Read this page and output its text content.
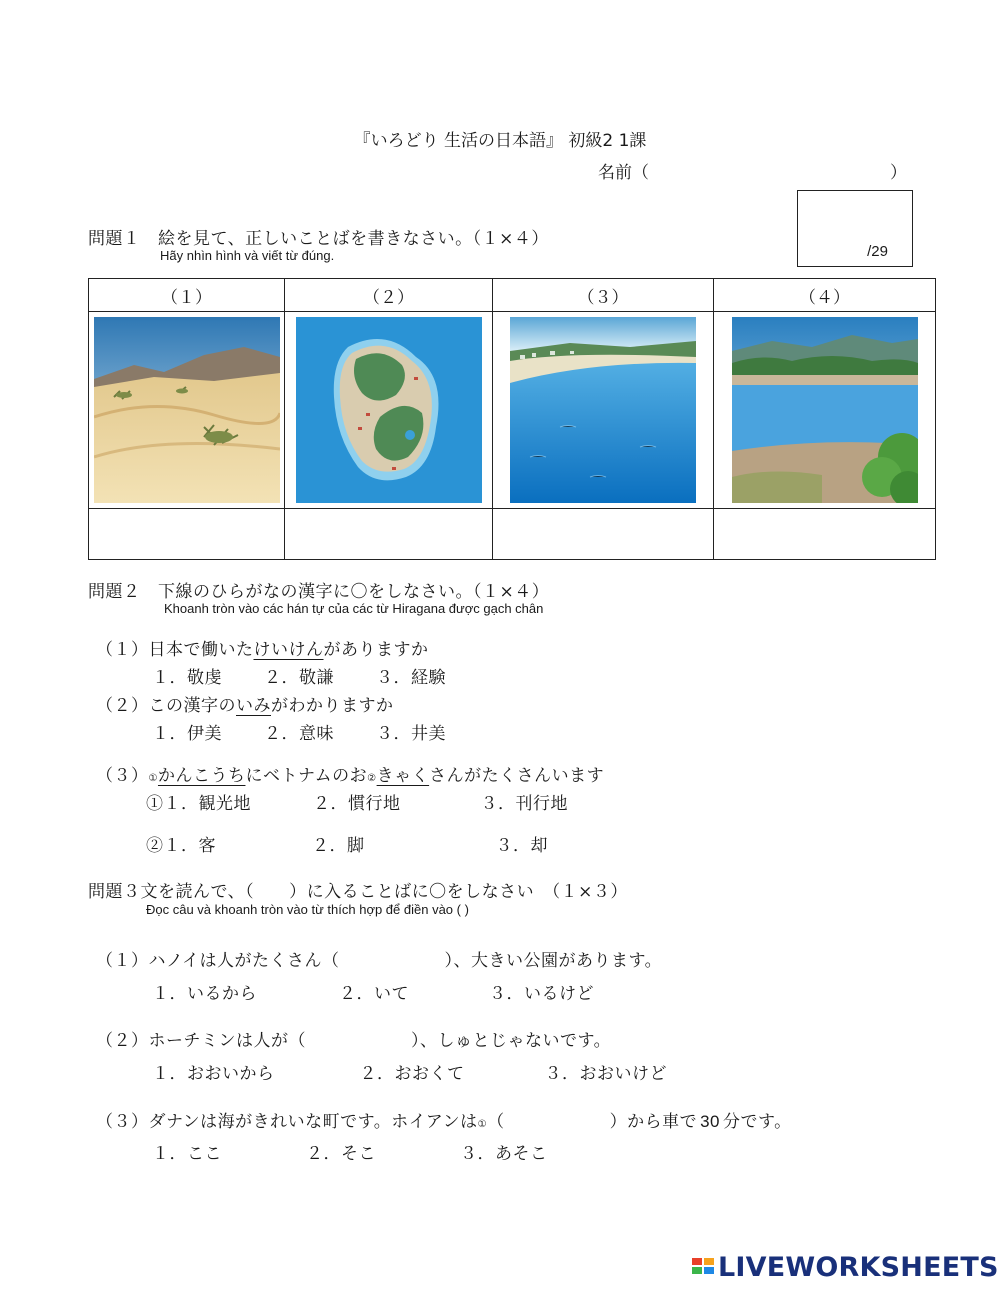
『いろどり 生活の日本語』 初級2 1課
名前（	）
/29
問題１　絵を見て、正しいことばを書きなさい。（１×４）
Hãy nhìn hình và viết từ đúng.
（１）	（２）	（３）	（４）

問題２　下線のひらがなの漢字に〇をしなさい。（１×４）
Khoanh tròn vào các hán tự của các từ Hiragana được gạch chân
（１）日本で働いたけいけんがありますか
１．敬虔 ２．敬謙 ３．経験
（２）この漢字のいみがわかりますか
１．伊美 ２．意味 ３．井美
（３）①かんこうちにベトナムのお②きゃくさんがたくさんいます
①１．観光地	２．慣行地	３．刊行地
②１．客	２．脚	３．却
問題３文を読んで、（　　）に入ることばに〇をしなさい　（１×３）
Đọc câu và khoanh tròn vào từ thích hợp để điền vào ( )
（１）ハノイは人がたくさん（　　　　　　）、大きい公園があります。
１．いるから	２．いて	３．いるけど
（２）ホーチミンは人が（　　　　　　）、しゅとじゃないです。
１．おおいから	２．おおくて	３．おおいけど
（３）ダナンは海がきれいな町です。ホイアンは①（　　　　　　）から車で 30 分です。
１．ここ	２．そこ	３．あそこ
LIVEWORKSHEETS
